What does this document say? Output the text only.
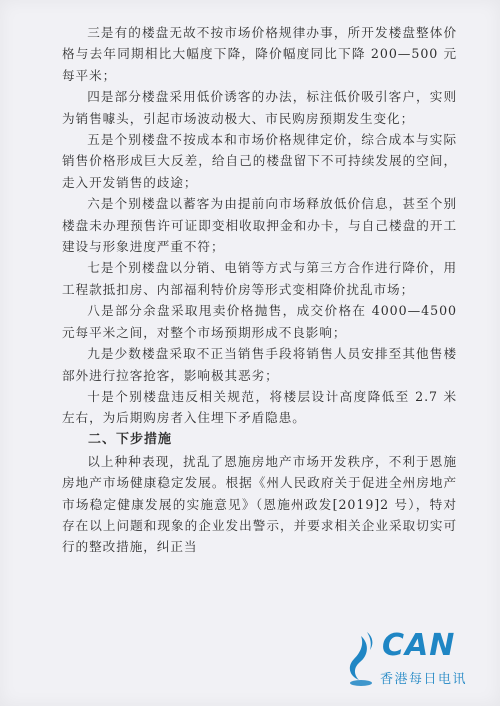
三是有的楼盘无故不按市场价格规律办事，所开发楼盘整体价格与去年同期相比大幅度下降，降价幅度同比下降 200—500 元每平米；

四是部分楼盘采用低价诱客的办法，标注低价吸引客户，实则为销售噱头，引起市场波动极大、市民购房预期发生变化；

五是个别楼盘不按成本和市场价格规律定价，综合成本与实际销售价格形成巨大反差，给自己的楼盘留下不可持续发展的空间，走入开发销售的歧途；

六是个别楼盘以蓄客为由提前向市场释放低价信息，甚至个别楼盘未办理预售许可证即变相收取押金和办卡，与自己楼盘的开工建设与形象进度严重不符；

七是个别楼盘以分销、电销等方式与第三方合作进行降价，用工程款抵扣房、内部福利特价房等形式变相降价扰乱市场；

八是部分余盘采取甩卖价格抛售，成交价格在 4000—4500 元每平米之间，对整个市场预期形成不良影响；

九是少数楼盘采取不正当销售手段将销售人员安排至其他售楼部外进行拉客抢客，影响极其恶劣；

十是个别楼盘违反相关规范，将楼层设计高度降低至 2.7 米左右，为后期购房者入住埋下矛盾隐患。

二、下步措施

以上种种表现，扰乱了恩施房地产市场开发秩序，不利于恩施房地产市场健康稳定发展。根据《州人民政府关于促进全州房地产市场稳定健康发展的实施意见》（恩施州政发[2019]2 号），特对存在以上问题和现象的企业发出警示，并要求相关企业采取切实可行的整改措施，纠正当

CAN
香港每日电讯
